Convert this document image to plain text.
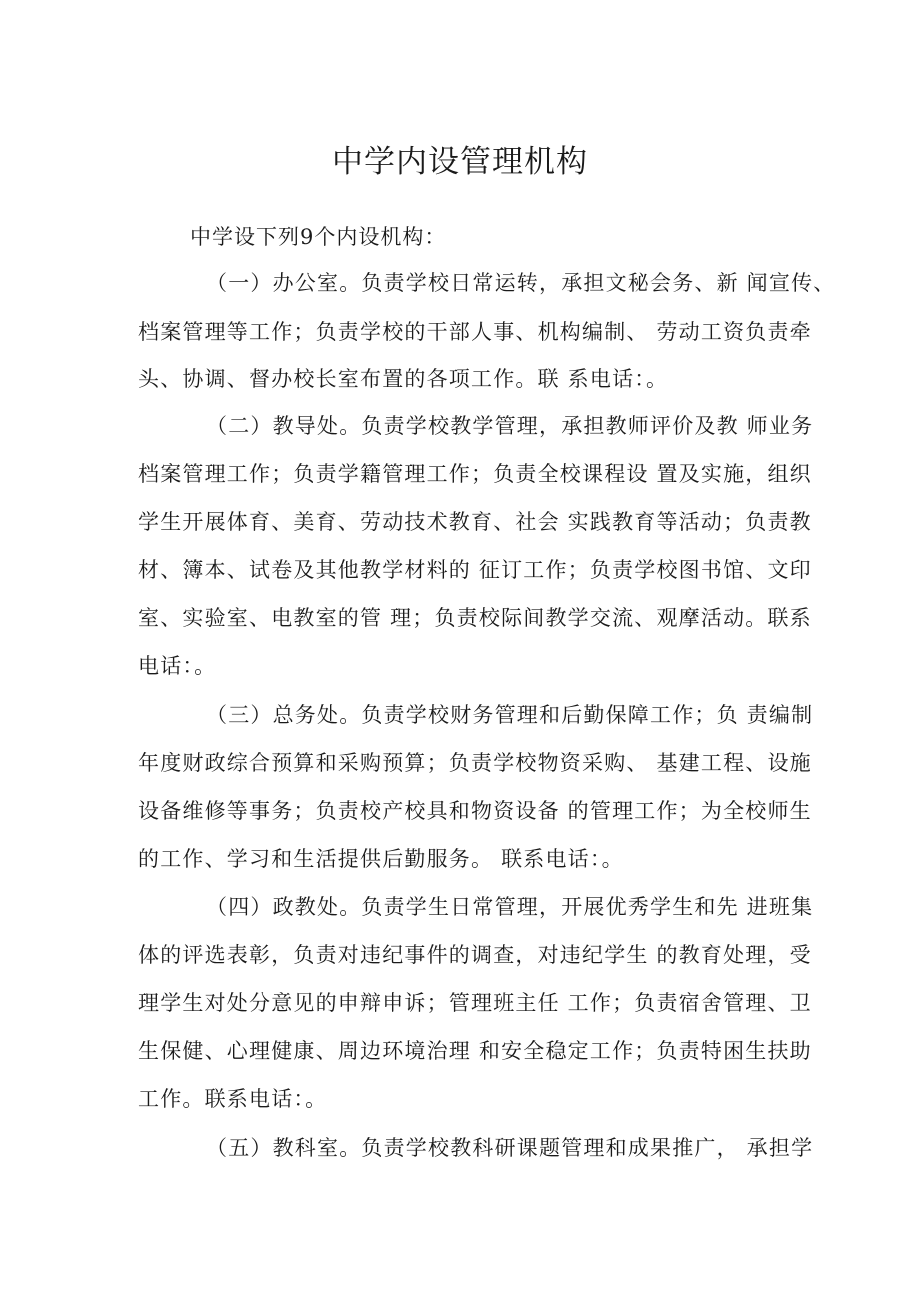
中学内设管理机构
中学设下列9个内设机构：
（一）办公室。负责学校日常运转，承担文秘会务、新 闻宣传、
档案管理等工作；负责学校的干部人事、机构编制、 劳动工资负责牵
头、协调、督办校长室布置的各项工作。联 系电话：。
（二）教导处。负责学校教学管理，承担教师评价及教 师业务
档案管理工作；负责学籍管理工作；负责全校课程设 置及实施，组织
学生开展体育、美育、劳动技术教育、社会 实践教育等活动；负责教
材、簿本、试卷及其他教学材料的 征订工作；负责学校图书馆、文印
室、实验室、电教室的管 理；负责校际间教学交流、观摩活动。联系
电话：。
（三）总务处。负责学校财务管理和后勤保障工作；负 责编制
年度财政综合预算和采购预算；负责学校物资采购、 基建工程、设施
设备维修等事务；负责校产校具和物资设备 的管理工作；为全校师生
的工作、学习和生活提供后勤服务。 联系电话：。
（四）政教处。负责学生日常管理，开展优秀学生和先 进班集
体的评选表彰，负责对违纪事件的调查，对违纪学生 的教育处理，受
理学生对处分意见的申辩申诉；管理班主任 工作；负责宿舍管理、卫
生保健、心理健康、周边环境治理 和安全稳定工作；负责特困生扶助
工作。联系电话：。
（五）教科室。负责学校教科研课题管理和成果推广， 承担学
